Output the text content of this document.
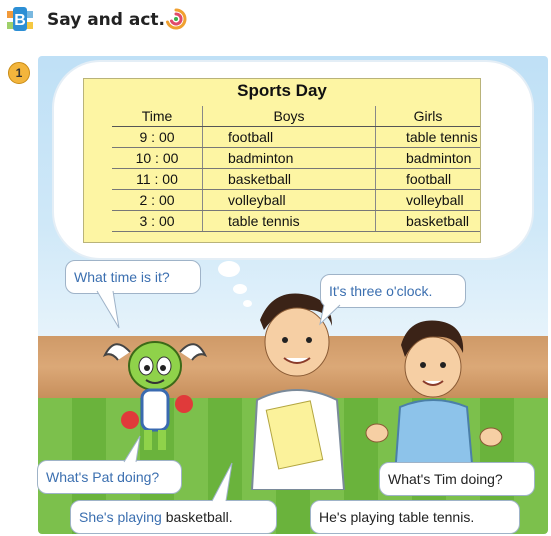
B Say and act.
1
Sports Day
Time	Boys	Girls
9 : 00	football	table tennis
10 : 00	badminton	badminton
11 : 00	basketball	football
2 : 00	volleyball	volleyball
3 : 00	table tennis	basketball
What time is it?
It's three o'clock.
What's Pat doing?	What's Tim doing?
She's playing basketball.	He's playing table tennis.
